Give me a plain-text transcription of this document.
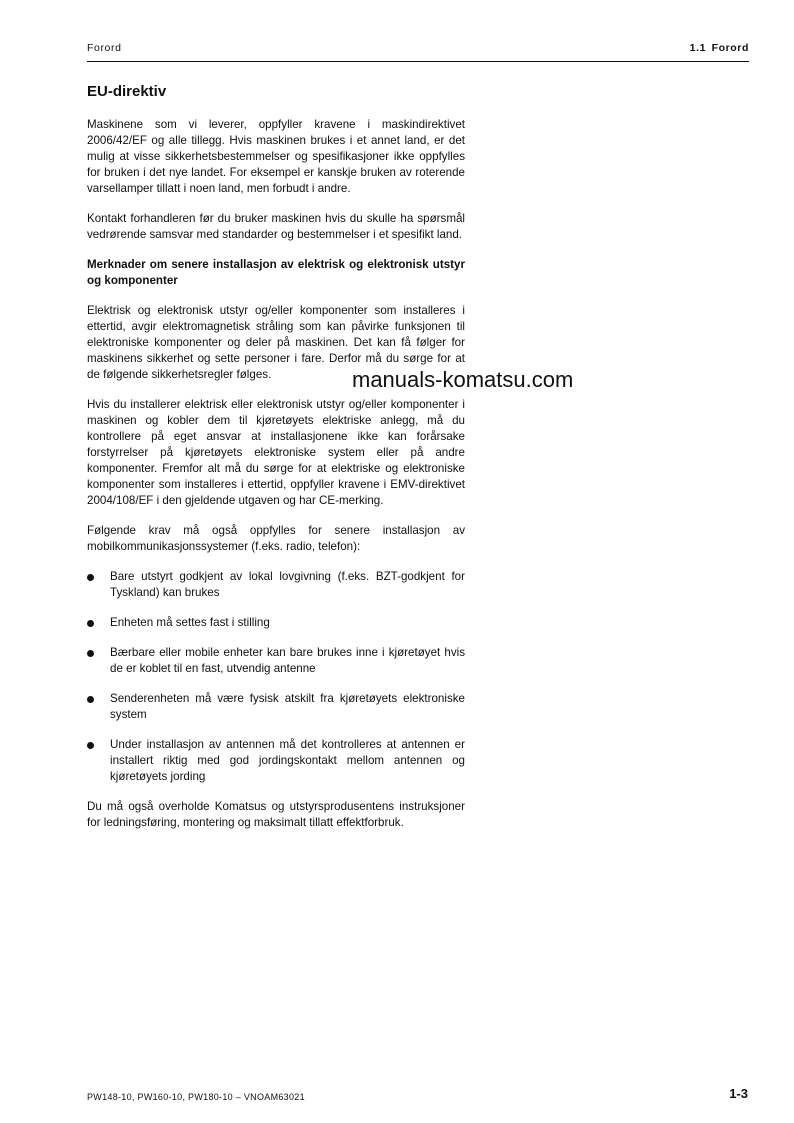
Forord	1.1 Forord
EU-direktiv

Maskinene som vi leverer, oppfyller kravene i maskindirektivet 2006/42/EF og alle tillegg. Hvis maskinen brukes i et annet land, er det mulig at visse sikkerhetsbestemmelser og spesifikasjoner ikke oppfylles for bruken i det nye landet. For eksempel er kanskje bruken av roterende varsellamper tillatt i noen land, men forbudt i andre.

Kontakt forhandleren før du bruker maskinen hvis du skulle ha spørsmål vedrørende samsvar med standarder og bestemmelser i et spesifikt land.

Merknader om senere installasjon av elektrisk og elektronisk utstyr og komponenter

Elektrisk og elektronisk utstyr og/eller komponenter som installeres i ettertid, avgir elektromagnetisk stråling som kan påvirke funksjonen til elektroniske komponenter og deler på maskinen. Det kan få følger for maskinens sikkerhet og sette personer i fare. Derfor må du sørge for at de følgende sikkerhetsregler følges.

Hvis du installerer elektrisk eller elektronisk utstyr og/eller komponenter i maskinen og kobler dem til kjøretøyets elektriske anlegg, må du kontrollere på eget ansvar at installasjonene ikke kan forårsake forstyrrelser på kjøretøyets elektroniske system eller på andre komponenter. Fremfor alt må du sørge for at elektriske og elektroniske komponenter som installeres i ettertid, oppfyller kravene i EMV-direktivet 2004/108/EF i den gjeldende utgaven og har CE-merking.

Følgende krav må også oppfylles for senere installasjon av mobilkommunikasjonssystemer (f.eks. radio, telefon):

Bare utstyrt godkjent av lokal lovgivning (f.eks. BZT-godkjent for Tyskland) kan brukes
Enheten må settes fast i stilling
Bærbare eller mobile enheter kan bare brukes inne i kjøretøyet hvis de er koblet til en fast, utvendig antenne
Senderenheten må være fysisk atskilt fra kjøretøyets elektroniske system
Under installasjon av antennen må det kontrolleres at antennen er installert riktig med god jordingskontakt mellom antennen og kjøretøyets jording

Du må også overholde Komatsus og utstyrsprodusentens instruksjoner for ledningsføring, montering og maksimalt tillatt effektforbruk.

manuals-komatsu.com
PW148-10, PW160-10, PW180-10 – VNOAM63021	1-3
